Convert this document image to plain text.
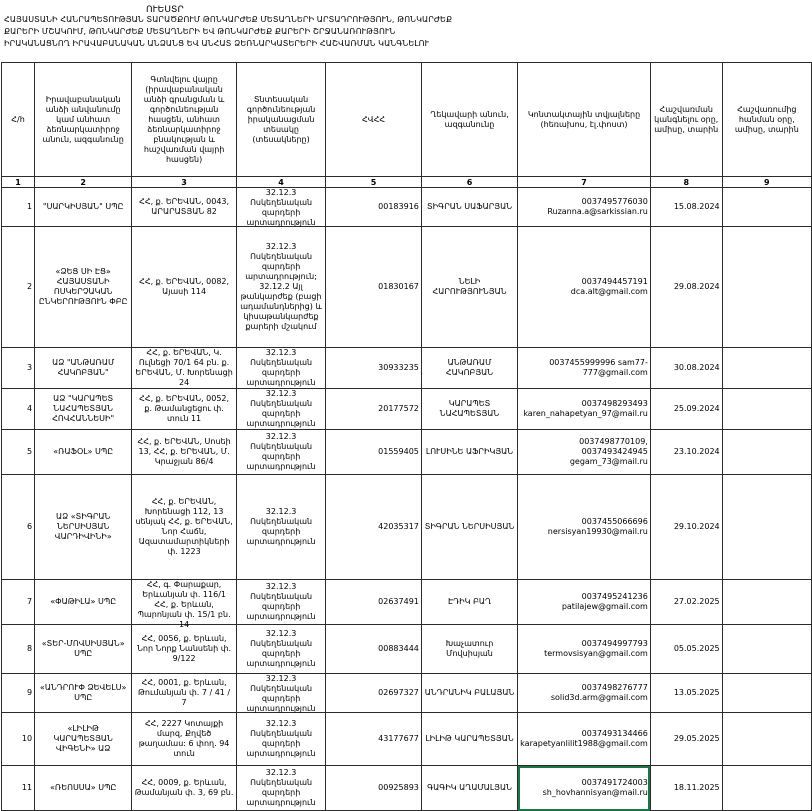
ՈՒԵՍՏՐ
ՀԱՅԱՍՏԱՆԻ ՀԱՆՐԱՊԵՏՈՒԹՅԱՆ ՏԱՐԱԾՔՈՒՄ ԹՈՆԿԱՐԺԵՔ ՄԵՏԱՂՆԵՐԻ ԱՐՏԱԴՐՈՒԹՅՈՒՆ, ԹՈՆԿԱՐԺԵՔ
ՔԱՐԵՐԻ ՄՇԱԿՈՒՄ, ԹՈՆԿԱՐԺԵՔ ՄԵՏԱՂՆԵՐԻ ԵՎ ԹՈՆԿԱՐԺԵՔ ՔԱՐԵՐԻ ՇՐՋԱՆԱՌՈՒԹՅՈՒՆ
ԻՐԱԿԱՆԱՑՆՈՂ ԻՐԱՎԱԲԱՆԱԿԱՆ ԱՆՁԱՆՑ ԵՎ ԱՆՀԱՏ ՁԵՌՆԱՐԿԱՏԵՐԵՐԻ ՀԱՇՎԱՌՄԱՆ ԿԱՆԳՆԵԼՈՒ
Հ/հ	Իրավաբանական անձի անվանումը կամ անհատ ձեռնարկատիրոջ անուն, ազգանունը	Գտնվելու վայրը (իրավաբանական անձի գրանցման և գործունեության հասցեն, անհատ ձեռնարկատիրոջ բնակության և հաշվառման վայրի հասցեն)	Տնտեսական գործունեության իրականացման տեսակը (տեսակները)	ՀՎՀՀ	Ղեկավարի անուն, ազգանունը	Կոնտակտային տվյալները (հեռախոս, էլ.փոստ)	Հաշվառման կանգնելու օրը, ամիսը, տարին	Հաշվառումից հանման օրը, ամիսը, տարին
1	2	3	4	5	6	7	8	9

1	"ՍԱՐԿԻՍՅԱՆ" ՍՊԸ	ՀՀ, ք. ԵՐԵՎԱՆ, 0043, ԱՐԱՐԱՏՅԱՆ 82	32.12.3 Ոսկեղենական զարդերի արտադրություն	00183916	ՏԻԳՐԱՆ ՍԱՖԱՐՅԱՆ	0037495776030 Ruzanna.a@sarkissian.ru	15.08.2024	

2	«ՁԵՑ ՍԻ ԷՑ» ՀԱՅԱՍՏԱՆԻ ՈՍԿԵՐՉԱԿԱՆ ԸՆԿԵՐՈՒԹՅՈՒՆ ՓԲԸ	ՀՀ, ք. ԵՐԵՎԱՆ, 0082, Այասի 114	32.12.3 Ոսկեղենական զարդերի արտադրություն; 32.12.2 Այլ թանկարժեք (բացի ադամանդներից) և կիսաթանկարժեք քարերի մշակում	01830167	ՆԵԼԻ ՀԱՐՈՒԹՅՈՒՆՅԱՆ	0037494457191 dca.alt@gmail.com	29.08.2024	

3	ԱՁ "ԱՆԹԱՌԱՄ ՀԱԿՈԲՅԱՆ"	ՀՀ, ք. ԵՐԵՎԱՆ, Կ. Ուլնեցի 70/1 64 բն. ք. ԵՐԵՎԱՆ, Մ. Խորենացի 24	32.12.3 Ոսկեղենական զարդերի արտադրություն	30933235	ԱՆԹԱՌԱՄ ՀԱԿՈԲՅԱՆ	0037455999996 sam77-777@gmail.com	30.08.2024	

4	ԱՁ "ԿԱՐԱՊԵՏ ՆԱՀԱՊԵՏՅԱՆ ՀՈՎՀԱՆՆԵՍԻ"	ՀՀ, ք. ԵՐԵՎԱՆ, 0052, ք. Թամանցեցու փ. տուն 11	32.12.3 Ոսկեղենական զարդերի արտադրություն	20177572	ԿԱՐԱՊԵՏ ՆԱՀԱՊԵՏՅԱՆ	0037498293493 karen_nahapetyan_97@mail.ru	25.09.2024	

5	«ՌԱՖՕԼ» ՍՊԸ	ՀՀ, ք. ԵՐԵՎԱՆ, Սոսեի 13, ՀՀ, ք. ԵՐԵՎԱՆ, Մ. Կրաջյան 86/4	32.12.3 Ոսկեղենական զարդերի արտադրություն	01559405	ԼՈՒՍԻՆԵ ԱՖՐԻԿՅԱՆ	0037498770109, 0037493424945 gegam_73@mail.ru	23.10.2024	

6	ԱՁ «ՏԻԳՐԱՆ ՆԵՐՍԻՍՅԱՆ ՎԱՐԴԻՎԻՆԻ»	ՀՀ, ք. ԵՐԵՎԱՆ, Խորենացի 112, 13 սենյակ ՀՀ, ք. ԵՐԵՎԱՆ, Նոր Հաճն, Ազատամարտիկների փ. 1223	32.12.3 Ոսկեղենական զարդերի արտադրություն	42035317	ՏԻԳՐԱՆ ՆԵՐՍԻՍՅԱՆ	0037455066696 nersisyan19930@mail.ru	29.10.2024	

7	«ՓԱԹԻԼԱ» ՍՊԸ	ՀՀ, գ. Փարաքար, Երևանյան փ. 116/1 ՀՀ, ք. Երևան, Պարոնյան փ. 15/1 բն. 14	32.12.3 Ոսկեղենական զարդերի արտադրություն	02637491	ԷԴԻԿ ԲԱՂ	0037495241236 patilajew@gmail.com	27.02.2025	

8	«ՏԵՐ-ՄՈՎՍԻՍՅԱՆ» ՍՊԸ	ՀՀ, 0056, ք. Երևան, Նոր Նորք Նանսենի փ. 9/122	32.12.3 Ոսկեղենական զարդերի արտադրություն	00883444	Խաչատուր Մովսիսյան	0037494997793 termovsisyan@gmail.com	05.05.2025	

9	«ԱՆԴՐՈՒՓ ՁԵՎԵԼՍ» ՍՊԸ	ՀՀ, 0001, ք. Երևան, Թումանյան փ. 7 / 41 / 7	32.12.3 Ոսկեղենական զարդերի արտադրություն	02697327	ԱՆԴՐԱՆԻԿ ԲԱԼԱՅԱՆ	0037498276777 solid3d.arm@gmail.com	13.05.2025	

10	«ԼԻԼԻԹ ԿԱՐԱՊԵՏՅԱՆ ՎԻԳԵՆԻ» ԱՁ	ՀՀ, 2227 Կոտայքի մարզ, Քղվեծ թաղամաս: 6 փող. 94 տուն	32.12.3 Ոսկեղենական զարդերի արտադրություն	43177677	ԼԻԼԻԹ ԿԱՐԱՊԵՏՅԱՆ	0037493134466 karapetyanlilit1988@gmail.com	29.05.2025	

11	«ՌԵՈՍՍԱ» ՍՊԸ	ՀՀ, 0009, ք. Երևան, Թամանյան փ. 3, 69 բն.	32.12.3 Ոսկեղենական զարդերի արտադրություն	00925893	ԳԱԳԻԿ ԱՂԱՄԱԼՅԱՆ	0037491724003 sh_hovhannisyan@mail.ru	18.11.2025	
